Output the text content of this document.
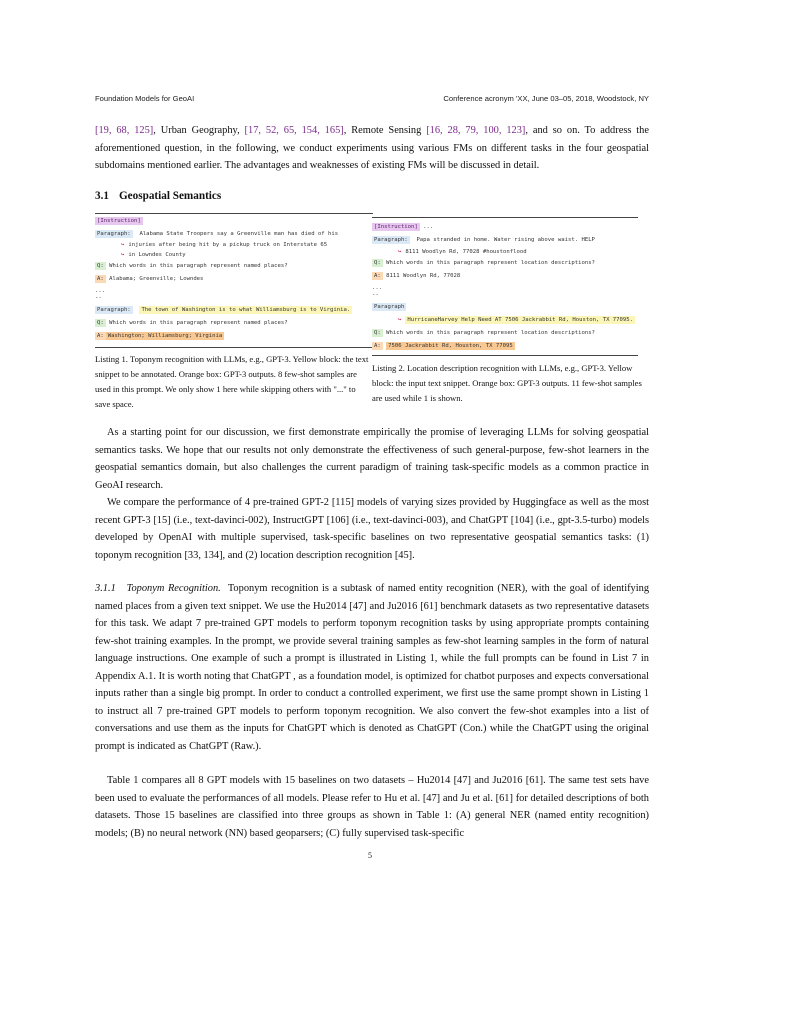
Foundation Models for GeoAI	Conference acronym 'XX, June 03–05, 2018, Woodstock, NY
[19, 68, 125], Urban Geography, [17, 52, 65, 154, 165], Remote Sensing [16, 28, 79, 100, 123], and so on. To address the aforementioned question, in the following, we conduct experiments using various FMs on different tasks in the four geospatial subdomains mentioned earlier. The advantages and weaknesses of existing FMs will be discussed in detail.
3.1 Geospatial Semantics
[Instruction]
Paragraph: Alabama State Troopers say a Greenville man has died of his
↪ injuries after being hit by a pickup truck on Interstate 65
↪ in Lowndes County
Q: Which words in this paragraph represent named places?
A: Alabama; Greenville; Lowndes
...
--
Paragraph: The town of Washington is to what Williamsburg is to Virginia.
Q: Which words in this paragraph represent named places?
A: Washington; Williamsburg; Virginia
Listing 1. Toponym recognition with LLMs, e.g., GPT-3. Yellow block: the text snippet to be annotated. Orange box: GPT-3 outputs. 8 few-shot samples are used in this prompt. We only show 1 here while skipping others with "..." to save space.
[Instruction] ...
Paragraph: Papa stranded in home. Water rising above waist. HELP
↪ 8111 Woodlyn Rd, 77028 #houstonflood
Q: Which words in this paragraph represent location descriptions?
A: 8111 Woodlyn Rd, 77028
...
--
Paragraph
↪ HurricaneHarvey Help Need AT 7506 Jackrabbit Rd, Houston, TX 77095.
Q: Which words in this paragraph represent location descriptions?
A: 7506 Jackrabbit Rd, Houston, TX 77095
Listing 2. Location description recognition with LLMs, e.g., GPT-3. Yellow block: the input text snippet. Orange box: GPT-3 outputs. 11 few-shot samples are used while 1 is shown.
As a starting point for our discussion, we first demonstrate empirically the promise of leveraging LLMs for solving geospatial semantics tasks. We hope that our results not only demonstrate the effectiveness of such general-purpose, few-shot learners in the geospatial semantics domain, but also challenges the current paradigm of training task-specific models as a common practice in GeoAI research.
We compare the performance of 4 pre-trained GPT-2 [115] models of varying sizes provided by Huggingface as well as the most recent GPT-3 [15] (i.e., text-davinci-002), InstructGPT [106] (i.e., text-davinci-003), and ChatGPT [104] (i.e., gpt-3.5-turbo) models developed by OpenAI with multiple supervised, task-specific baselines on two representative geospatial semantics tasks: (1) toponym recognition [33, 134], and (2) location description recognition [45].
3.1.1 Toponym Recognition. Toponym recognition is a subtask of named entity recognition (NER), with the goal of identifying named places from a given text snippet. We use the Hu2014 [47] and Ju2016 [61] benchmark datasets as two representative datasets for this task. We adapt 7 pre-trained GPT models to perform toponym recognition tasks by using appropriate prompts containing few-shot training examples. In the prompt, we provide several training samples as few-shot learning samples in the form of natural language instructions. One example of such a prompt is illustrated in Listing 1, while the full prompts can be found in List 7 in Appendix A.1. It is worth noting that ChatGPT , as a foundation model, is optimized for chatbot purposes and expects conversational inputs rather than a single big prompt. In order to conduct a controlled experiment, we first use the same prompt shown in Listing 1 to instruct all 7 pre-trained GPT models to perform toponym recognition. We also convert the few-shot examples into a list of conversations and use them as the inputs for ChatGPT which is denoted as ChatGPT (Con.) while the ChatGPT using the original prompt is indicated as ChatGPT (Raw.).
Table 1 compares all 8 GPT models with 15 baselines on two datasets – Hu2014 [47] and Ju2016 [61]. The same test sets have been used to evaluate the performances of all models. Please refer to Hu et al. [47] and Ju et al. [61] for detailed descriptions of both datasets. Those 15 baselines are classified into three groups as shown in Table 1: (A) general NER (named entity recognition) models; (B) no neural network (NN) based geoparsers; (C) fully supervised task-specific
5
